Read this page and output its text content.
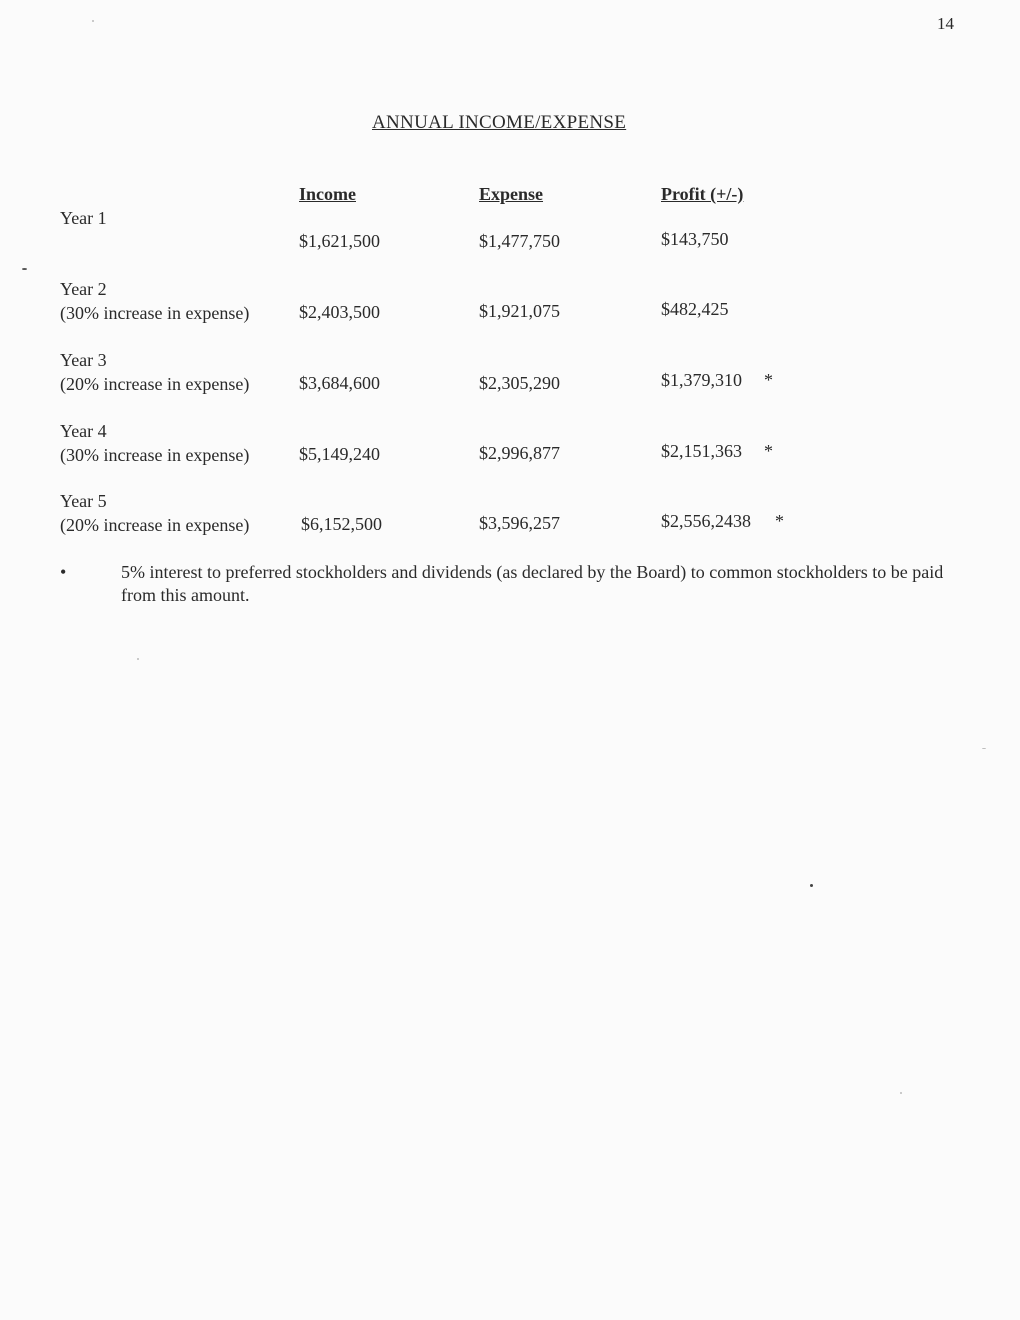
14
ANNUAL INCOME/EXPENSE
Income	Expense	Profit (+/-)
Year 1
$1,621,500	$1,477,750	$143,750
Year 2
(30% increase in expense)	$2,403,500	$1,921,075	$482,425
Year 3
(20% increase in expense)	$3,684,600	$2,305,290	$1,379,310 *
Year 4
(30% increase in expense)	$5,149,240	$2,996,877	$2,151,363 *
Year 5
(20% increase in expense)	$6,152,500	$3,596,257	$2,556,2438 *
•	5% interest to preferred stockholders and dividends (as declared by the Board) to common stockholders to be paid from this amount.
